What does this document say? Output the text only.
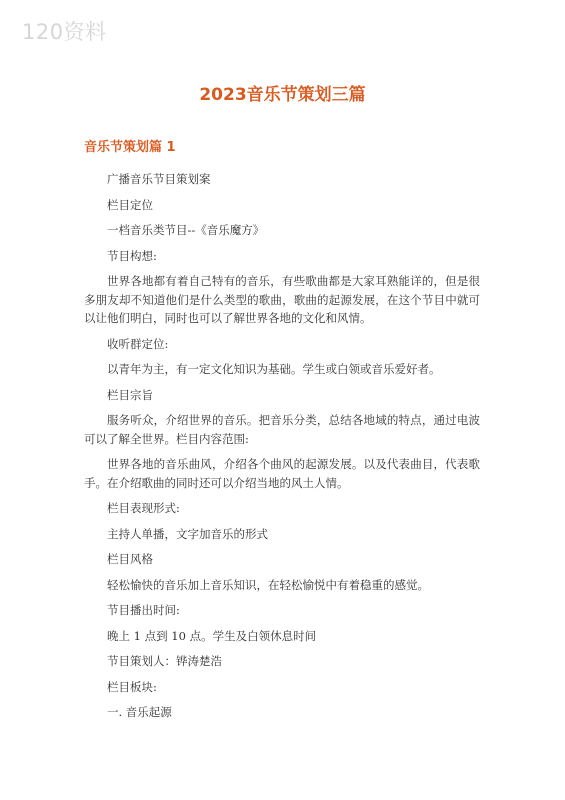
120资料
2023音乐节策划三篇
音乐节策划篇 1

广播音乐节目策划案

栏目定位

一档音乐类节目--《音乐魔方》

节目构想:

世界各地都有着自己特有的音乐，有些歌曲都是大家耳熟能详的，但是很多朋友却不知道他们是什么类型的歌曲，歌曲的起源发展，在这个节目中就可以让他们明白，同时也可以了解世界各地的文化和风情。

收听群定位:

以青年为主，有一定文化知识为基础。学生或白领或音乐爱好者。

栏目宗旨

服务听众，介绍世界的音乐。把音乐分类，总结各地域的特点，通过电波可以了解全世界。栏目内容范围:

世界各地的音乐曲风，介绍各个曲风的起源发展。以及代表曲目，代表歌手。在介绍歌曲的同时还可以介绍当地的风土人情。

栏目表现形式:

主持人单播，文字加音乐的形式

栏目风格

轻松愉快的音乐加上音乐知识，在轻松愉悦中有着稳重的感觉。

节目播出时间:

晚上 1 点到 10 点。学生及白领休息时间

节目策划人：铧涛楚浩

栏目板块:

一. 音乐起源
